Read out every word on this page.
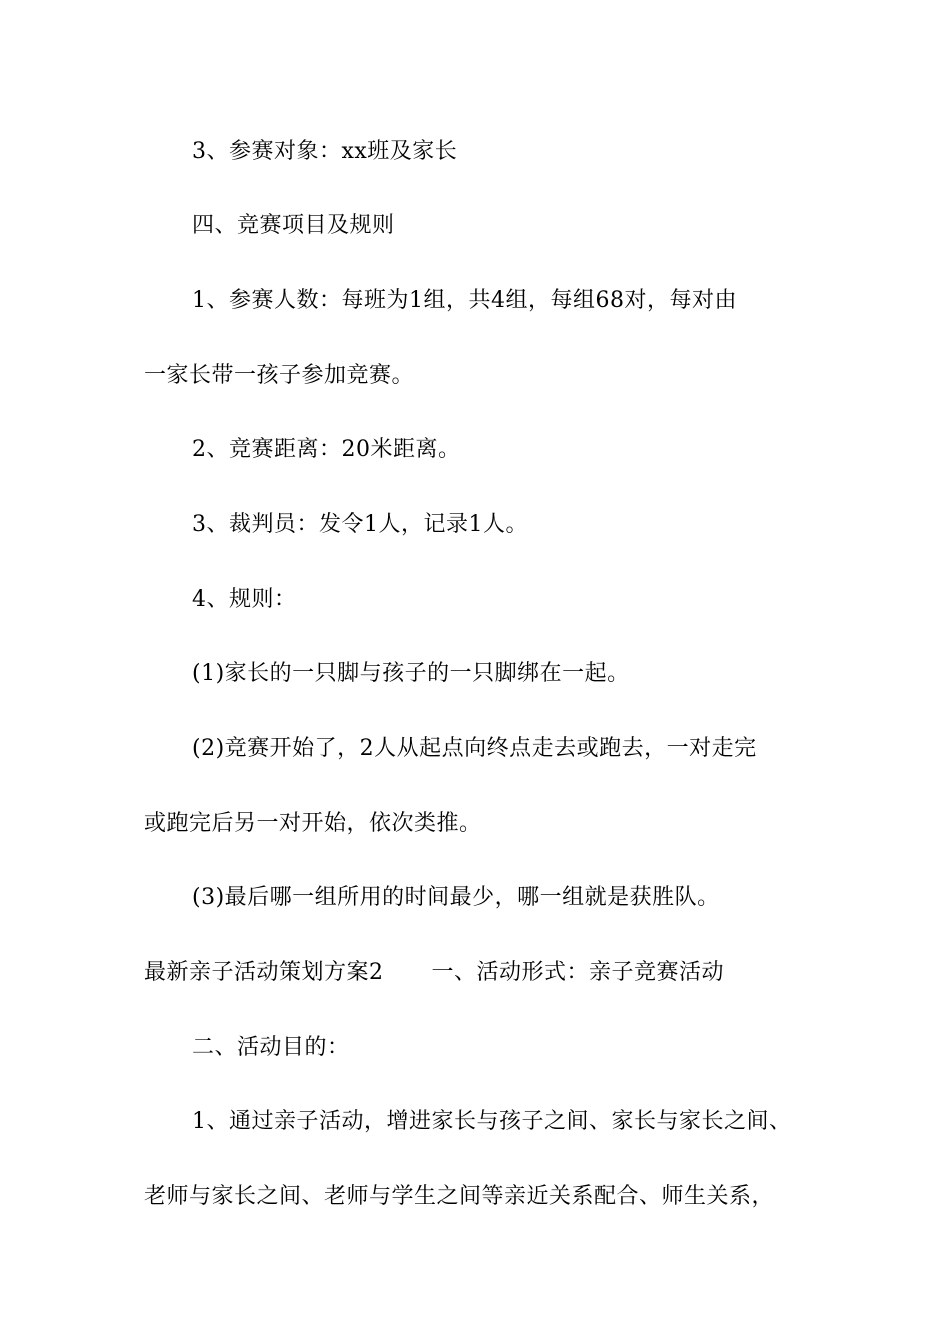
3、参赛对象：xx班及家长
四、竞赛项目及规则
1、参赛人数：每班为1组，共4组，每组68对，每对由
一家长带一孩子参加竞赛。
2、竞赛距离：20米距离。
3、裁判员：发令1人，记录1人。
4、规则：
(1)家长的一只脚与孩子的一只脚绑在一起。
(2)竞赛开始了，2人从起点向终点走去或跑去，一对走完
或跑完后另一对开始，依次类推。
(3)最后哪一组所用的时间最少，哪一组就是获胜队。
最新亲子活动策划方案2 一、活动形式：亲子竞赛活动
二、活动目的：
1、通过亲子活动，增进家长与孩子之间、家长与家长之间、
老师与家长之间、老师与学生之间等亲近关系配合、师生关系，
